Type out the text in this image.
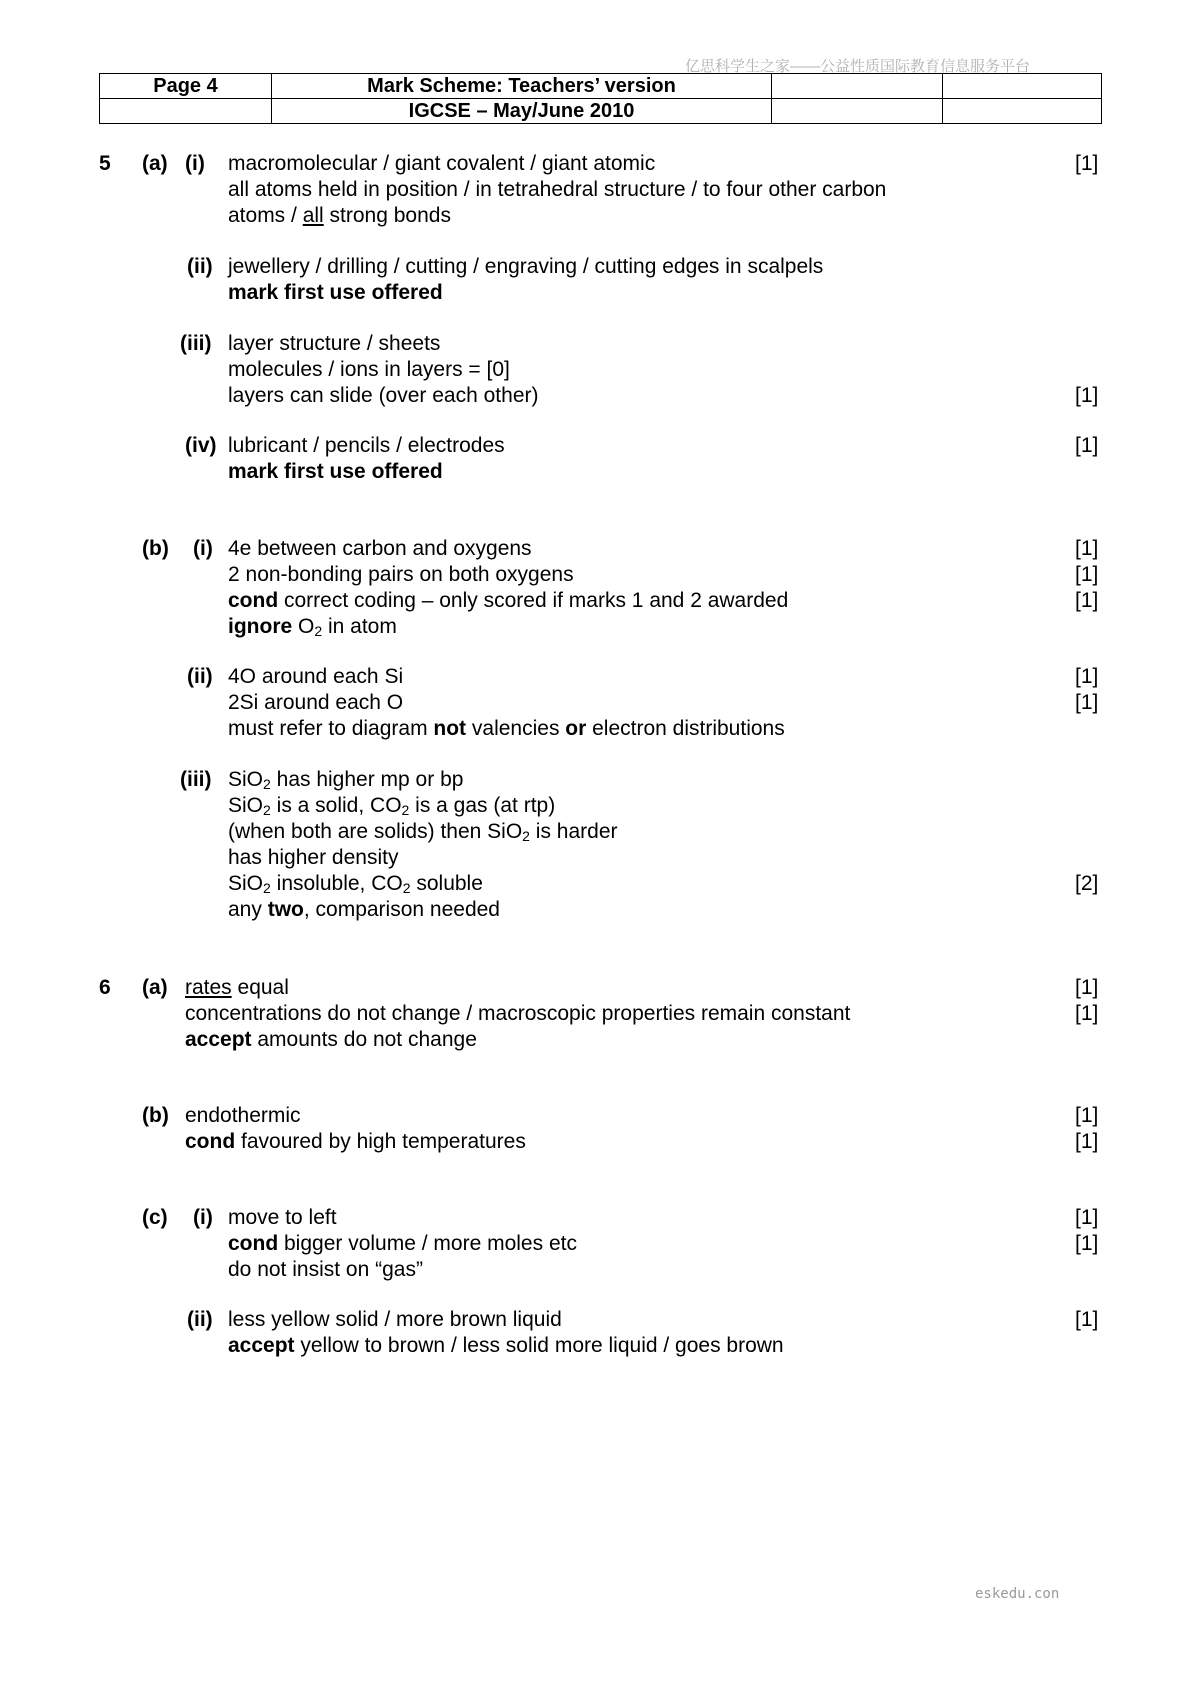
亿思科学生之家——公益性质国际教育信息服务平台
Page 4	Mark Scheme: Teachers’ version		
	IGCSE – May/June 2010		
5 (a) (i) macromolecular / giant covalent / giant atomic	[1]
all atoms held in position / in tetrahedral structure / to four other carbon
atoms / all strong bonds
(ii) jewellery / drilling / cutting / engraving / cutting edges in scalpels
mark first use offered
(iii) layer structure / sheets
molecules / ions in layers = [0]
layers can slide (over each other)	[1]
(iv) lubricant / pencils / electrodes	[1]
mark first use offered
(b) (i) 4e between carbon and oxygens	[1]
2 non-bonding pairs on both oxygens	[1]
cond correct coding – only scored if marks 1 and 2 awarded	[1]
ignore $O_2$ in atom
(ii) 4O around each Si	[1]
2Si around each O	[1]
must refer to diagram not valencies or electron distributions
(iii) SiO$_2$ has higher mp or bp
SiO$_2$ is a solid, $CO_2$ is a gas (at rtp)
(when both are solids) then SiO$_2$ is harder
has higher density
SiO$_2$ insoluble, $CO_2$ soluble	[2]
any two, comparison needed
6 (a) rates equal	[1]
concentrations do not change / macroscopic properties remain constant	[1]
accept amounts do not change
(b) endothermic	[1]
cond favoured by high temperatures	[1]
(c) (i) move to left	[1]
cond bigger volume / more moles etc	[1]
do not insist on “gas”
(ii) less yellow solid / more brown liquid	[1]
accept yellow to brown / less solid more liquid / goes brown
eskedu.con
